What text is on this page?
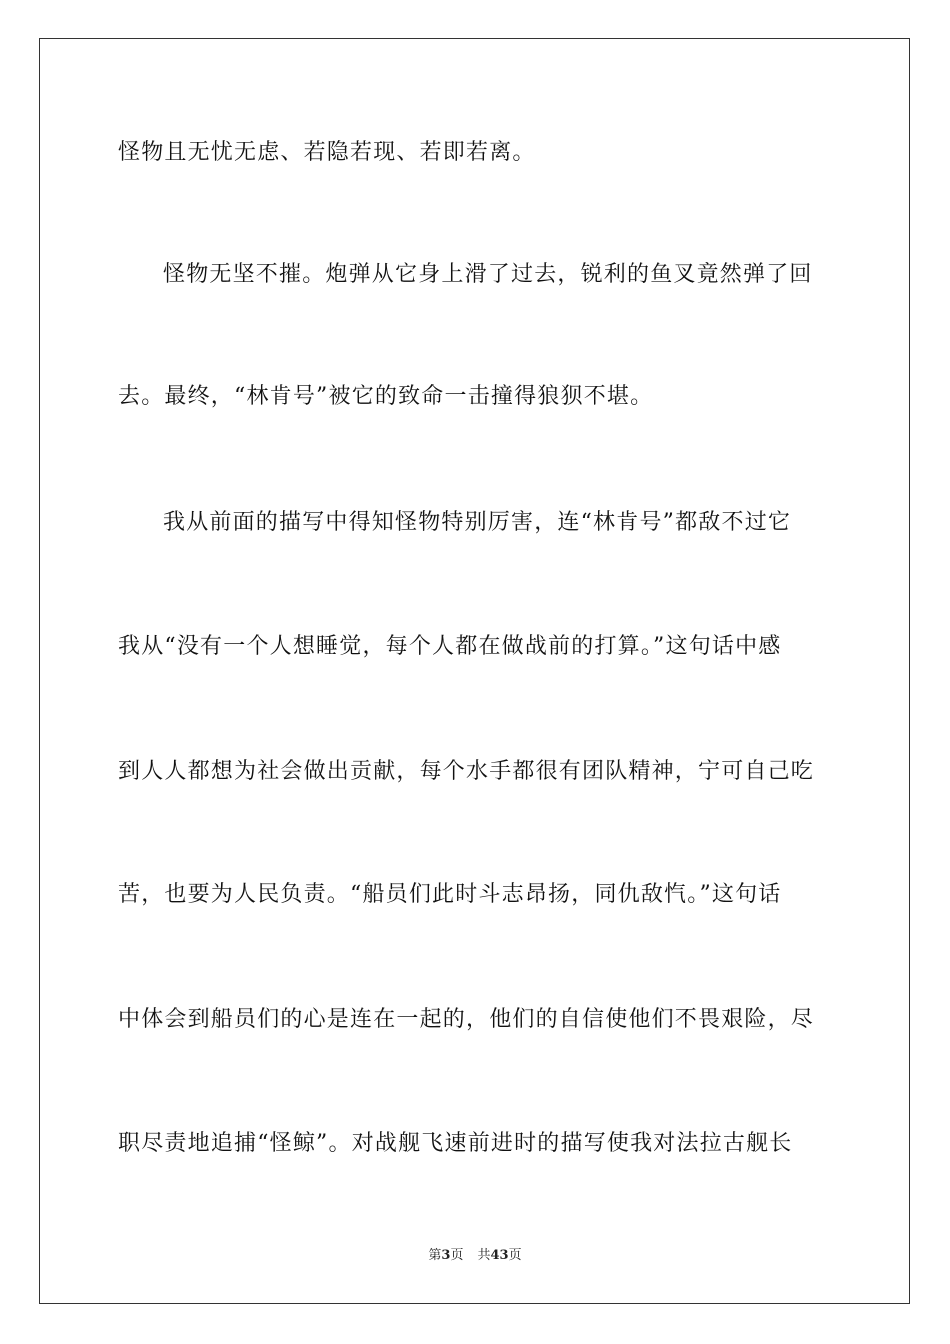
怪物且无忧无虑、若隐若现、若即若离。
怪物无坚不摧。炮弹从它身上滑了过去，锐利的鱼叉竟然弹了回
去。最终，“林肯号”被它的致命一击撞得狼狈不堪。
我从前面的描写中得知怪物特别厉害，连“林肯号”都敌不过它
我从“没有一个人想睡觉，每个人都在做战前的打算。”这句话中感
到人人都想为社会做出贡献，每个水手都很有团队精神，宁可自己吃
苦，也要为人民负责。“船员们此时斗志昂扬，同仇敌忾。”这句话
中体会到船员们的心是连在一起的，他们的自信使他们不畏艰险，尽
职尽责地追捕“怪鲸”。对战舰飞速前进时的描写使我对法拉古舰长
第3页 共43页
